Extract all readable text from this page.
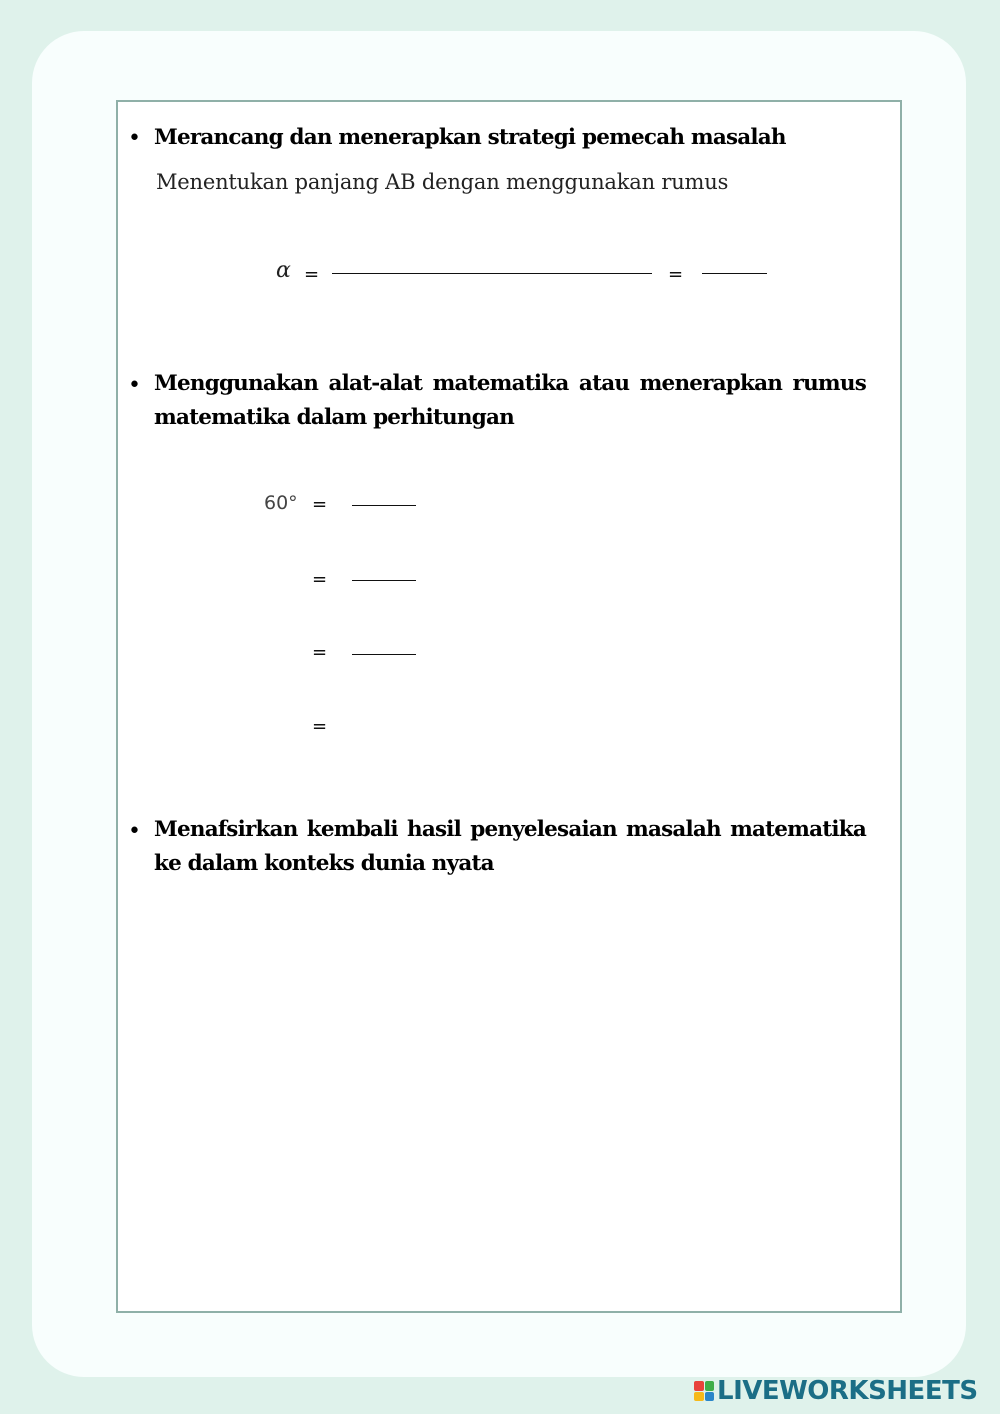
• Merancang dan menerapkan strategi pemecah masalah
Menentukan panjang AB dengan menggunakan rumus
α =	=
• Menggunakan alat-alat matematika atau menerapkan rumus matematika dalam perhitungan
60° =
=
=
=
• Menafsirkan kembali hasil penyelesaian masalah matematika ke dalam konteks dunia nyata
LIVEWORKSHEETS
